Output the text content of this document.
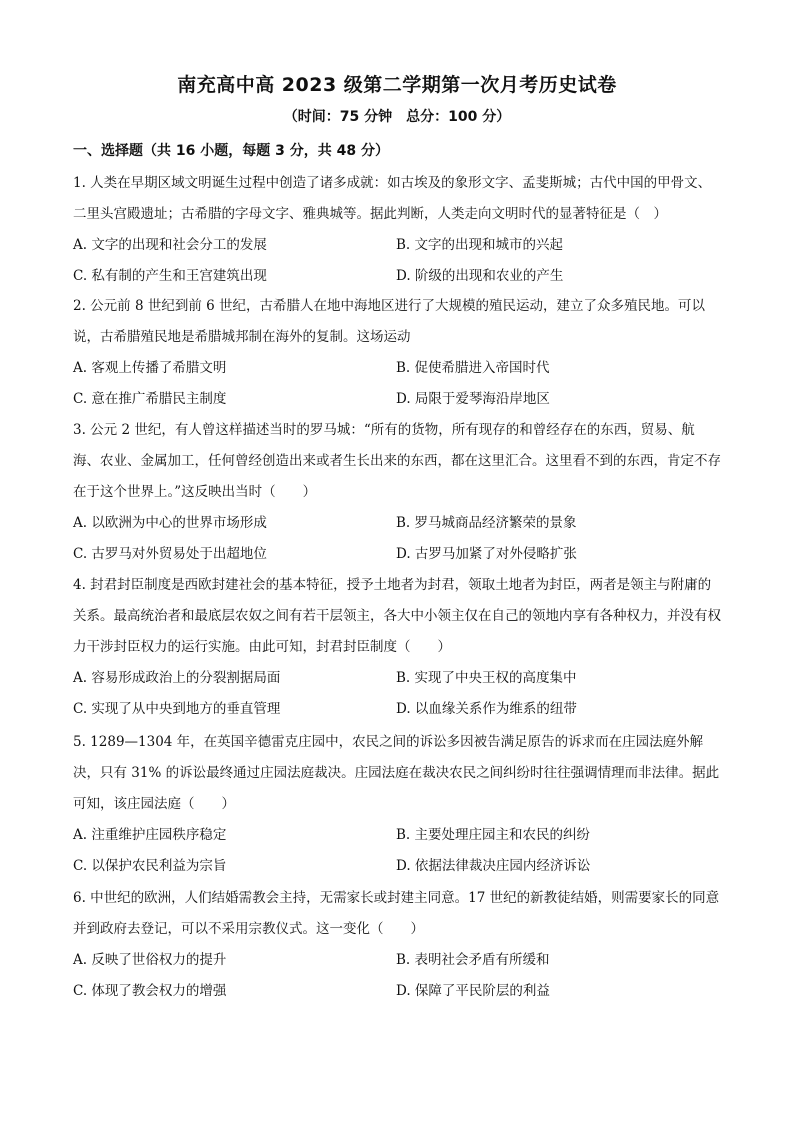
南充高中高 2023 级第二学期第一次月考历史试卷
（时间：75 分钟　总分：100 分）
一、选择题（共 16 小题，每题 3 分，共 48 分）
1. 人类在早期区域文明诞生过程中创造了诸多成就：如古埃及的象形文字、孟斐斯城；古代中国的甲骨文、二里头宫殿遗址；古希腊的字母文字、雅典城等。据此判断，人类走向文明时代的显著特征是（　）
A. 文字的出现和社会分工的发展	B. 文字的出现和城市的兴起
C. 私有制的产生和王宫建筑出现	D. 阶级的出现和农业的产生
2. 公元前 8 世纪到前 6 世纪，古希腊人在地中海地区进行了大规模的殖民运动，建立了众多殖民地。可以说，古希腊殖民地是希腊城邦制在海外的复制。这场运动
A. 客观上传播了希腊文明	B. 促使希腊进入帝国时代
C. 意在推广希腊民主制度	D. 局限于爱琴海沿岸地区
3. 公元 2 世纪，有人曾这样描述当时的罗马城：“所有的货物，所有现存的和曾经存在的东西，贸易、航海、农业、金属加工，任何曾经创造出来或者生长出来的东西，都在这里汇合。这里看不到的东西，肯定不存在于这个世界上。”这反映出当时（　　）
A. 以欧洲为中心的世界市场形成	B. 罗马城商品经济繁荣的景象
C. 古罗马对外贸易处于出超地位	D. 古罗马加紧了对外侵略扩张
4. 封君封臣制度是西欧封建社会的基本特征，授予土地者为封君，领取土地者为封臣，两者是领主与附庸的关系。最高统治者和最底层农奴之间有若干层领主，各大中小领主仅在自己的领地内享有各种权力，并没有权力干涉封臣权力的运行实施。由此可知，封君封臣制度（　　）
A. 容易形成政治上的分裂割据局面	B. 实现了中央王权的高度集中
C. 实现了从中央到地方的垂直管理	D. 以血缘关系作为维系的纽带
5. 1289—1304 年，在英国辛德雷克庄园中，农民之间的诉讼多因被告满足原告的诉求而在庄园法庭外解决，只有 31% 的诉讼最终通过庄园法庭裁决。庄园法庭在裁决农民之间纠纷时往往强调情理而非法律。据此可知，该庄园法庭（　　）
A. 注重维护庄园秩序稳定	B. 主要处理庄园主和农民的纠纷
C. 以保护农民利益为宗旨	D. 依据法律裁决庄园内经济诉讼
6. 中世纪的欧洲，人们结婚需教会主持，无需家长或封建主同意。17 世纪的新教徒结婚，则需要家长的同意并到政府去登记，可以不采用宗教仪式。这一变化（　　）
A. 反映了世俗权力的提升	B. 表明社会矛盾有所缓和
C. 体现了教会权力的增强	D. 保障了平民阶层的利益
